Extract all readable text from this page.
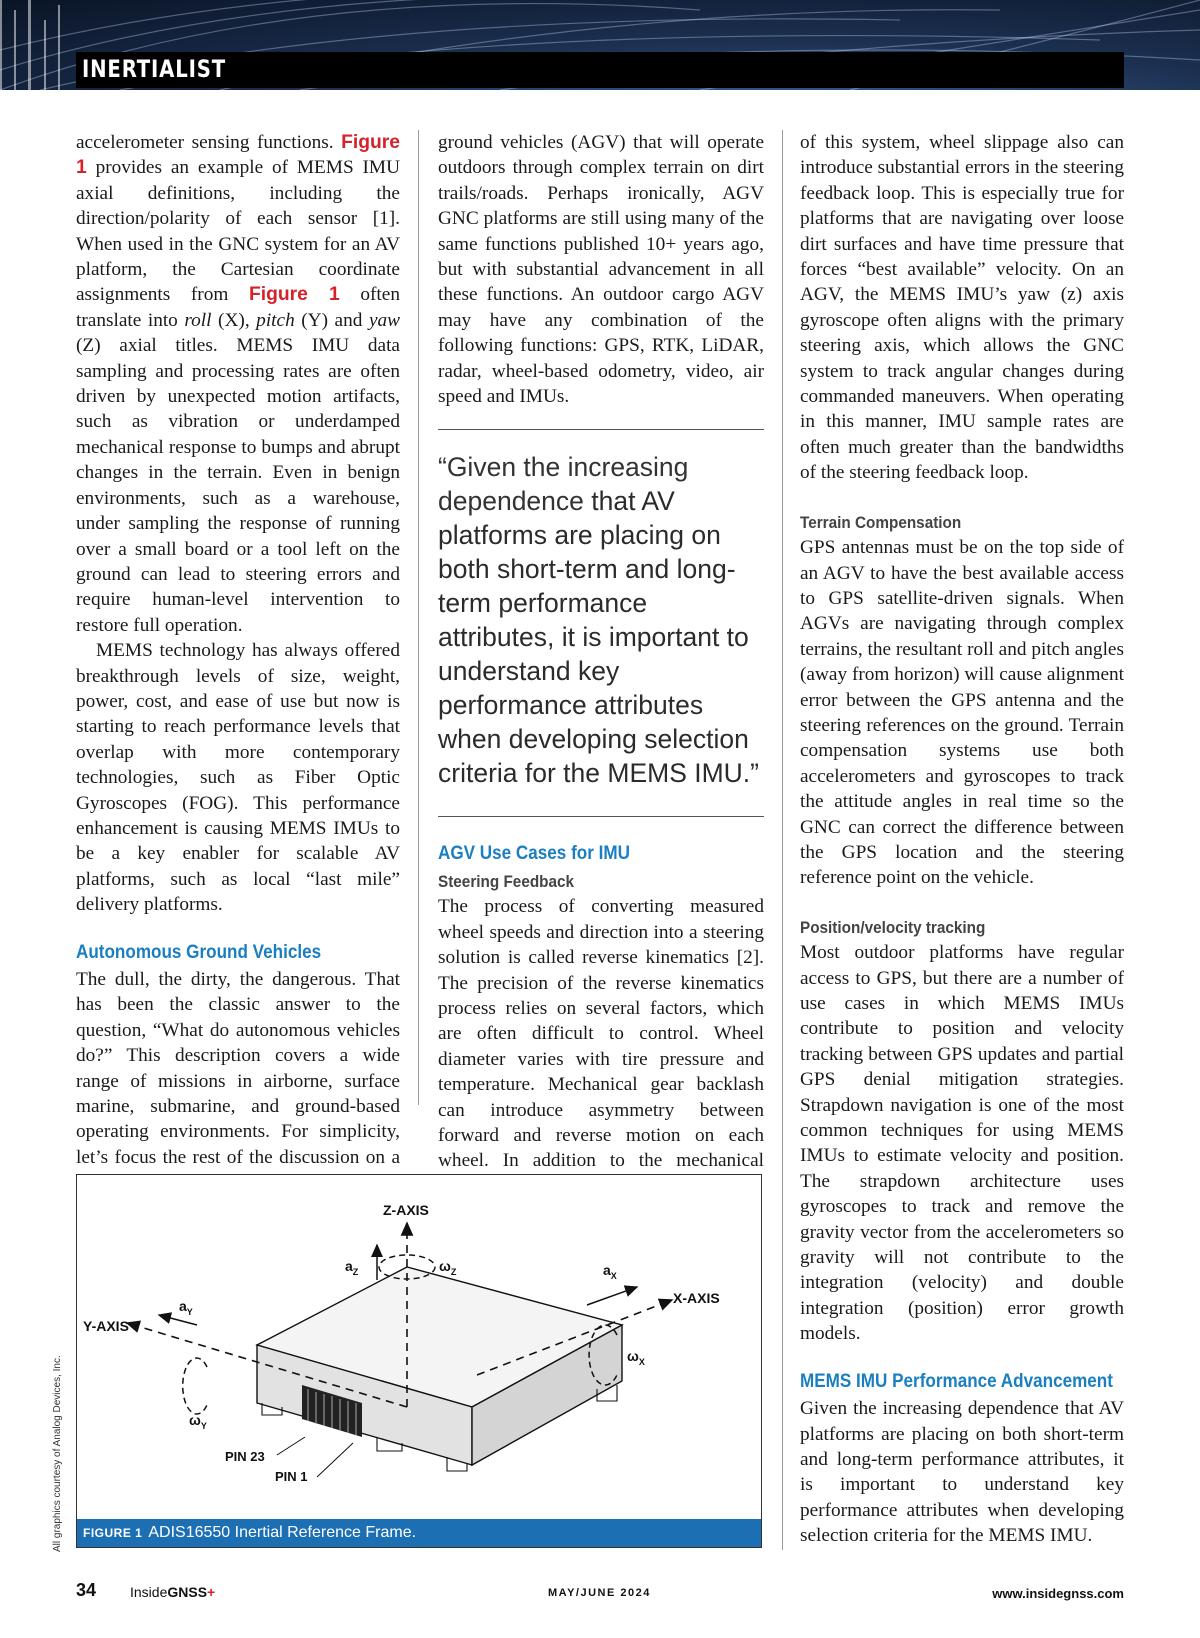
INERTIALIST

accelerometer sensing functions. Figure 1 provides an example of MEMS IMU axial definitions, including the direction/polarity of each sensor [1]. When used in the GNC system for an AV platform, the Cartesian coordinate assignments from Figure 1 often translate into roll (X), pitch (Y) and yaw (Z) axial titles. MEMS IMU data sampling and processing rates are often driven by unexpected motion artifacts, such as vibration or underdamped mechanical response to bumps and abrupt changes in the terrain. Even in benign environments, such as a warehouse, under sampling the response of running over a small board or a tool left on the ground can lead to steering errors and require human-level intervention to restore full operation.

MEMS technology has always offered breakthrough levels of size, weight, power, cost, and ease of use but now is starting to reach performance levels that overlap with more contemporary technologies, such as Fiber Optic Gyroscopes (FOG). This performance enhancement is causing MEMS IMUs to be a key enabler for scalable AV platforms, such as local “last mile” delivery platforms.

Autonomous Ground Vehicles

The dull, the dirty, the dangerous. That has been the classic answer to the question, “What do autonomous vehicles do?” This description covers a wide range of missions in airborne, surface marine, submarine, and ground-based operating environments. For simplicity, let’s focus the rest of the discussion on a

ground vehicles (AGV) that will operate outdoors through complex terrain on dirt trails/roads. Perhaps ironically, AGV GNC platforms are still using many of the same functions published 10+ years ago, but with substantial advancement in all these functions. An outdoor cargo AGV may have any combination of the following functions: GPS, RTK, LiDAR, radar, wheel-based odometry, video, air speed and IMUs.

“Given the increasing dependence that AV platforms are placing on both short-term and long-term performance attributes, it is important to understand key performance attributes when developing selection criteria for the MEMS IMU.”

AGV Use Cases for IMU

Steering Feedback

The process of converting measured wheel speeds and direction into a steering solution is called reverse kinematics [2]. The precision of the reverse kinematics process relies on several factors, which are often difficult to control. Wheel diameter varies with tire pressure and temperature. Mechanical gear backlash can introduce asymmetry between forward and reverse motion on each wheel. In addition to the mechanical

of this system, wheel slippage also can introduce substantial errors in the steering feedback loop. This is especially true for platforms that are navigating over loose dirt surfaces and have time pressure that forces “best available” velocity. On an AGV, the MEMS IMU’s yaw (z) axis gyroscope often aligns with the primary steering axis, which allows the GNC system to track angular changes during commanded maneuvers. When operating in this manner, IMU sample rates are often much greater than the bandwidths of the steering feedback loop.

Terrain Compensation

GPS antennas must be on the top side of an AGV to have the best available access to GPS satellite-driven signals. When AGVs are navigating through complex terrains, the resultant roll and pitch angles (away from horizon) will cause alignment error between the GPS antenna and the steering references on the ground. Terrain compensation systems use both accelerometers and gyroscopes to track the attitude angles in real time so the GNC can correct the difference between the GPS location and the steering reference point on the vehicle.

Position/velocity tracking

Most outdoor platforms have regular access to GPS, but there are a number of use cases in which MEMS IMUs contribute to position and velocity tracking between GPS updates and partial GPS denial mitigation strategies. Strapdown navigation is one of the most common techniques for using MEMS IMUs to estimate velocity and position. The strapdown architecture uses gyroscopes to track and remove the gravity vector from the accelerometers so gravity will not contribute to the integration (velocity) and double integration (position) error growth models.

MEMS IMU Performance Advancement

Given the increasing dependence that AV platforms are placing on both short-term and long-term performance attributes, it is important to understand key performance attributes when developing selection criteria for the MEMS IMU.

Z-AXIS
X-AXIS
Y-AXIS
$a_Z$	$\omega_Z$	$a_X$
$\omega_X$
$a_Y$
$\omega_Y$
PIN 23
PIN 1
FIGURE 1 ADIS16550 Inertial Reference Frame.
All graphics courtesy of Analog Devices, Inc.
34 InsideGNSS+	MAY/JUNE 2024	www.insidegnss.com
